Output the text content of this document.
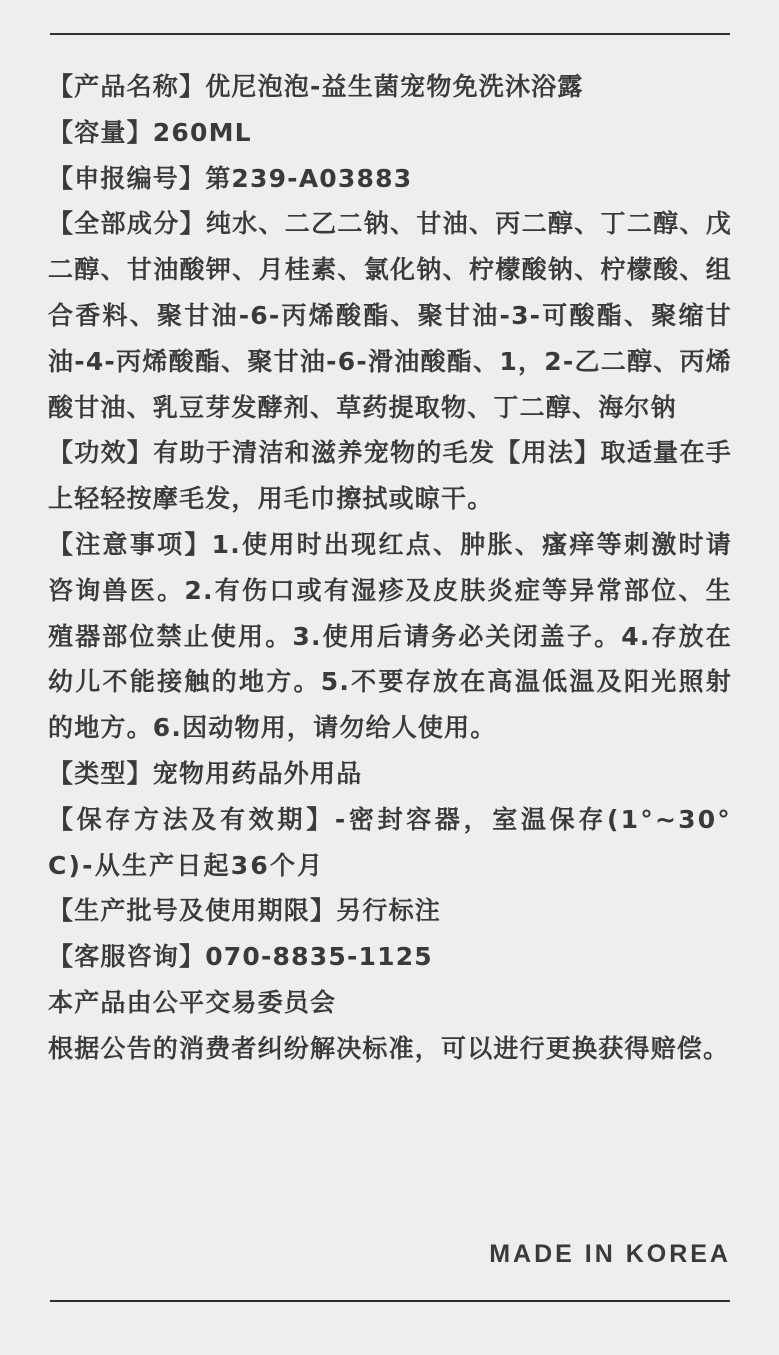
【产品名称】优尼泡泡-益生菌宠物免洗沐浴露

【容量】260ML

【申报编号】第239-A03883

【全部成分】纯水、二乙二钠、甘油、丙二醇、丁二醇、戊二醇、甘油酸钾、月桂素、氯化钠、柠檬酸钠、柠檬酸、组合香料、聚甘油-6-丙烯酸酯、聚甘油-3-可酸酯、聚缩甘油-4-丙烯酸酯、聚甘油-6-滑油酸酯、1，2-乙二醇、丙烯酸甘油、乳豆芽发酵剂、草药提取物、丁二醇、海尔钠

【功效】有助于清洁和滋养宠物的毛发【用法】取适量在手上轻轻按摩毛发，用毛巾擦拭或晾干。

【注意事项】1.使用时出现红点、肿胀、瘙痒等刺激时请咨询兽医。2.有伤口或有湿疹及皮肤炎症等异常部位、生殖器部位禁止使用。3.使用后请务必关闭盖子。4.存放在幼儿不能接触的地方。5.不要存放在高温低温及阳光照射的地方。6.因动物用，请勿给人使用。

【类型】宠物用药品外用品

【保存方法及有效期】-密封容器，室温保存(1°~30°C)-从生产日起36个月

【生产批号及使用期限】另行标注

【客服咨询】070-8835-1125

本产品由公平交易委员会

根据公告的消费者纠纷解决标准，可以进行更换获得赔偿。

MADE IN KOREA
